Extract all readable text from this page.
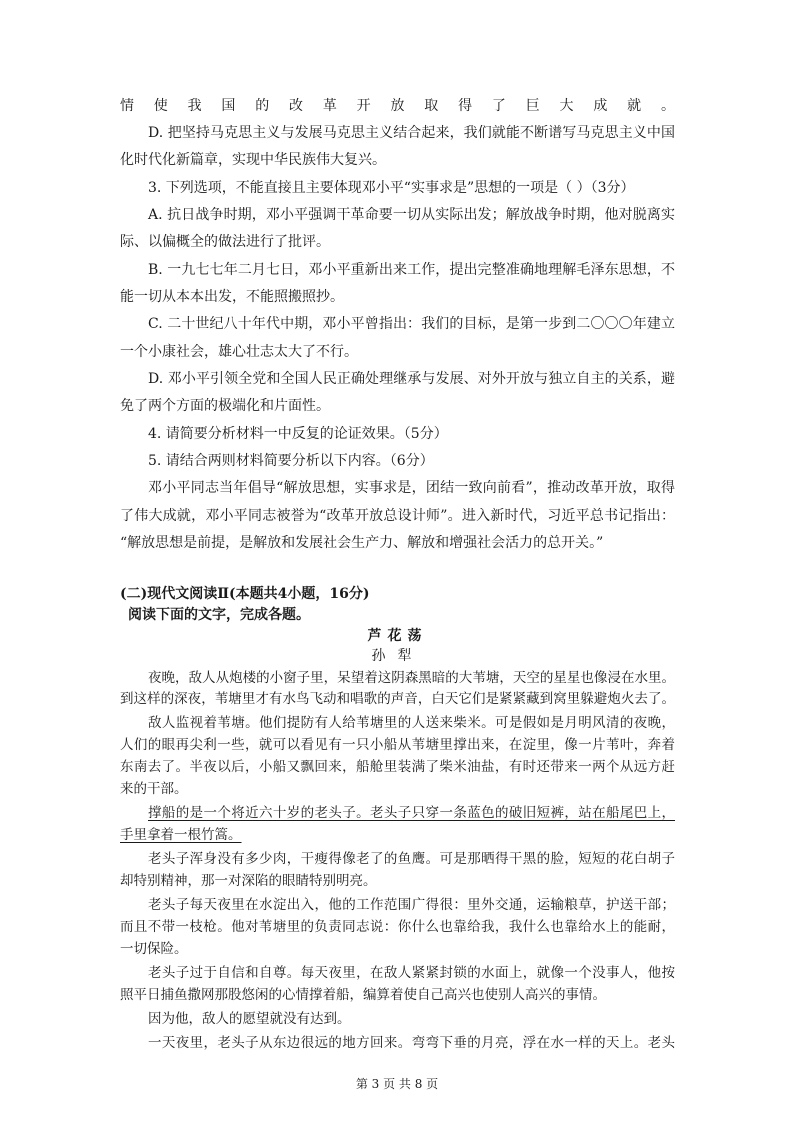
情使我国的改革开放取得了巨大成就。
D. 把坚持马克思主义与发展马克思主义结合起来，我们就能不断谱写马克思主义中国
化时代化新篇章，实现中华民族伟大复兴。
3. 下列选项，不能直接且主要体现邓小平“实事求是”思想的一项是（ ）（3分）
A. 抗日战争时期，邓小平强调干革命要一切从实际出发；解放战争时期，他对脱离实
际、以偏概全的做法进行了批评。
B. 一九七七年二月七日，邓小平重新出来工作，提出完整准确地理解毛泽东思想，不
能一切从本本出发，不能照搬照抄。
C. 二十世纪八十年代中期，邓小平曾指出：我们的目标，是第一步到二〇〇〇年建立
一个小康社会，雄心壮志太大了不行。
D. 邓小平引领全党和全国人民正确处理继承与发展、对外开放与独立自主的关系，避
免了两个方面的极端化和片面性。
4. 请简要分析材料一中反复的论证效果。（5分）
5. 请结合两则材料简要分析以下内容。（6分）
邓小平同志当年倡导“解放思想，实事求是，团结一致向前看”，推动改革开放，取得
了伟大成就，邓小平同志被誉为“改革开放总设计师”。进入新时代，习近平总书记指出：
“解放思想是前提，是解放和发展社会生产力、解放和增强社会活力的总开关。”
(二)现代文阅读Ⅱ(本题共4小题，16分)
阅读下面的文字，完成各题。
芦花荡
孙犁
夜晚，敌人从炮楼的小窗子里，呆望着这阴森黑暗的大苇塘，天空的星星也像浸在水里。
到这样的深夜，苇塘里才有水鸟飞动和唱歌的声音，白天它们是紧紧藏到窝里躲避炮火去了。
敌人监视着苇塘。他们提防有人给苇塘里的人送来柴米。可是假如是月明风清的夜晚，
人们的眼再尖利一些，就可以看见有一只小船从苇塘里撑出来，在淀里，像一片苇叶，奔着
东南去了。半夜以后，小船又飘回来，船舱里装满了柴米油盐，有时还带来一两个从远方赶
来的干部。
撑船的是一个将近六十岁的老头子。老头子只穿一条蓝色的破旧短裤，站在船尾巴上，
手里拿着一根竹篙。
老头子浑身没有多少肉，干瘦得像老了的鱼鹰。可是那晒得干黑的脸，短短的花白胡子
却特别精神，那一对深陷的眼睛特别明亮。
老头子每天夜里在水淀出入，他的工作范围广得很：里外交通，运输粮草，护送干部；
而且不带一枝枪。他对苇塘里的负责同志说：你什么也靠给我，我什么也靠给水上的能耐，
一切保险。
老头子过于自信和自尊。每天夜里，在敌人紧紧封锁的水面上，就像一个没事人，他按
照平日捕鱼撒网那股悠闲的心情撑着船，编算着使自己高兴也使别人高兴的事情。
因为他，敌人的愿望就没有达到。
一天夜里，老头子从东边很远的地方回来。弯弯下垂的月亮，浮在水一样的天上。老头
第 3 页 共 8 页
